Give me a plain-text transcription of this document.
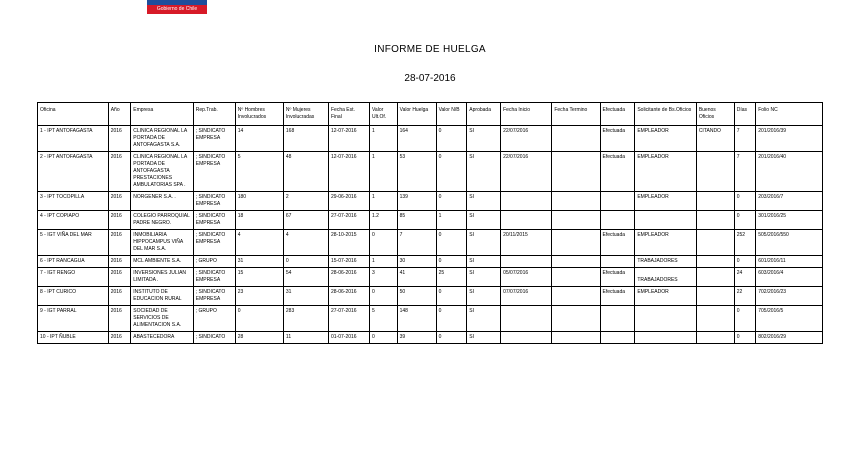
Gobierno de Chile
INFORME DE HUELGA
28-07-2016
Oficina	Año	Empresa	Rep.Trab.	Nº Hombres Involucrados	Nº Mujeres Involucradas	Fecha Est. Final	Valor Ult.Of.	Valor Huelga	Valor N/B	Aprobada	Fecha Inicio	Fecha Termino	Efectuada	Solicitante de Bs.Oficios	Buenos Oficios	Días	Folio NC
1 - IPT ANTOFAGASTA	2016	CLINICA REGIONAL LA PORTADA DE ANTOFAGASTA S.A.	; SINDICATO EMPRESA	14	168	12-07-2016	1	164	0	SI	22/07/2016		Efectuada	EMPLEADOR	CITANDO	7	201/2016/39
2 - IPT ANTOFAGASTA	2016	CLINICA REGIONAL LA PORTADA DE ANTOFAGASTA PRESTACIONES AMBULATORIAS SPA .	; SINDICATO EMPRESA	5	48	12-07-2016	1	53	0	SI	22/07/2016		Efectuada	EMPLEADOR		7	201/2016/40
3 - IPT TOCOPILLA	2016	NORGENER S.A. .	; SINDICATO EMPRESA	180	2	29-06-2016	1	139	0	SI				EMPLEADOR		0	203/2016/7
4 - IPT COPIAPO	2016	COLEGIO PARROQUIAL PADRE NEGRO.	; SINDICATO EMPRESA	18	67	27-07-2016	1.2	85	1	SI						0	301/2016/25
5 - IGT VIÑA DEL MAR	2016	INMOBILIARIA HIPPOCAMPUS VIÑA DEL MAR S.A.	; SINDICATO EMPRESA	4	4	28-10-2015	0	7	0	SI	20/11/2015		Efectuada	EMPLEADOR		252	505/2016/550
6 - IPT RANCAGUA	2016	MCL AMBIENTE S.A.	; GRUPO	31	0	15-07-2016	1	30	0	SI				TRABAJADORES		0	601/2016/11
7 - IGT RENGO	2016	INVERSIONES JULIAN LIMITADA .	; SINDICATO EMPRESA	15	54	28-06-2016	3	41	25	SI	05/07/2016		Efectuada	TRABAJADORES		24	603/2016/4
8 - IPT CURICO	2016	INSTITUTO DE EDUCACION RURAL	; SINDICATO EMPRESA	23	31	28-06-2016	0	50	0	SI	07/07/2016		Efectuada	EMPLEADOR		22	702/2016/23
9 - IGT PARRAL	2016	SOCIEDAD DE SERVICIOS DE ALIMENTACION S.A.	; GRUPO	0	283	27-07-2016	5	148	0	SI						0	705/2016/5
10 - IPT ÑUBLE	2016	ABASTECEDORA	; SINDICATO	28	11	01-07-2016	0	39	0	SI						0	802/2016/29
